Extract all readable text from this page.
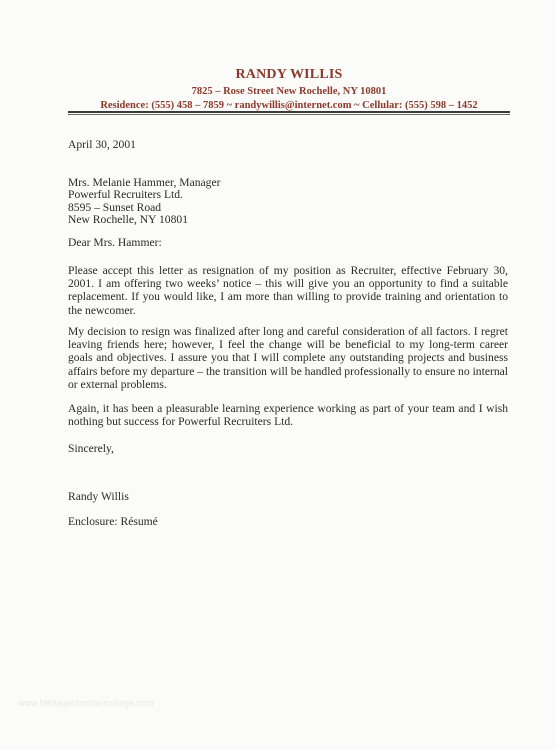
RANDY WILLIS
7825 – Rose Street New Rochelle, NY 10801
Residence: (555) 458 – 7859 ~ randywillis@internet.com ~ Cellular: (555) 598 – 1452
April 30, 2001
Mrs. Melanie Hammer, Manager
Powerful Recruiters Ltd.
8595 – Sunset Road
New Rochelle, NY 10801
Dear Mrs. Hammer:
Please accept this letter as resignation of my position as Recruiter, effective February 30, 2001. I am offering two weeks’ notice – this will give you an opportunity to find a suitable replacement. If you would like, I am more than willing to provide training and orientation to the newcomer.
My decision to resign was finalized after long and careful consideration of all factors. I regret leaving friends here; however, I feel the change will be beneficial to my long-term career goals and objectives. I assure you that I will complete any outstanding projects and business affairs before my departure – the transition will be handled professionally to ensure no internal or external problems.
Again, it has been a pleasurable learning experience working as part of your team and I wish nothing but success for Powerful Recruiters Ltd.
Sincerely,
Randy Willis
Enclosure: Résumé
www.heritagechristiancollege.com
